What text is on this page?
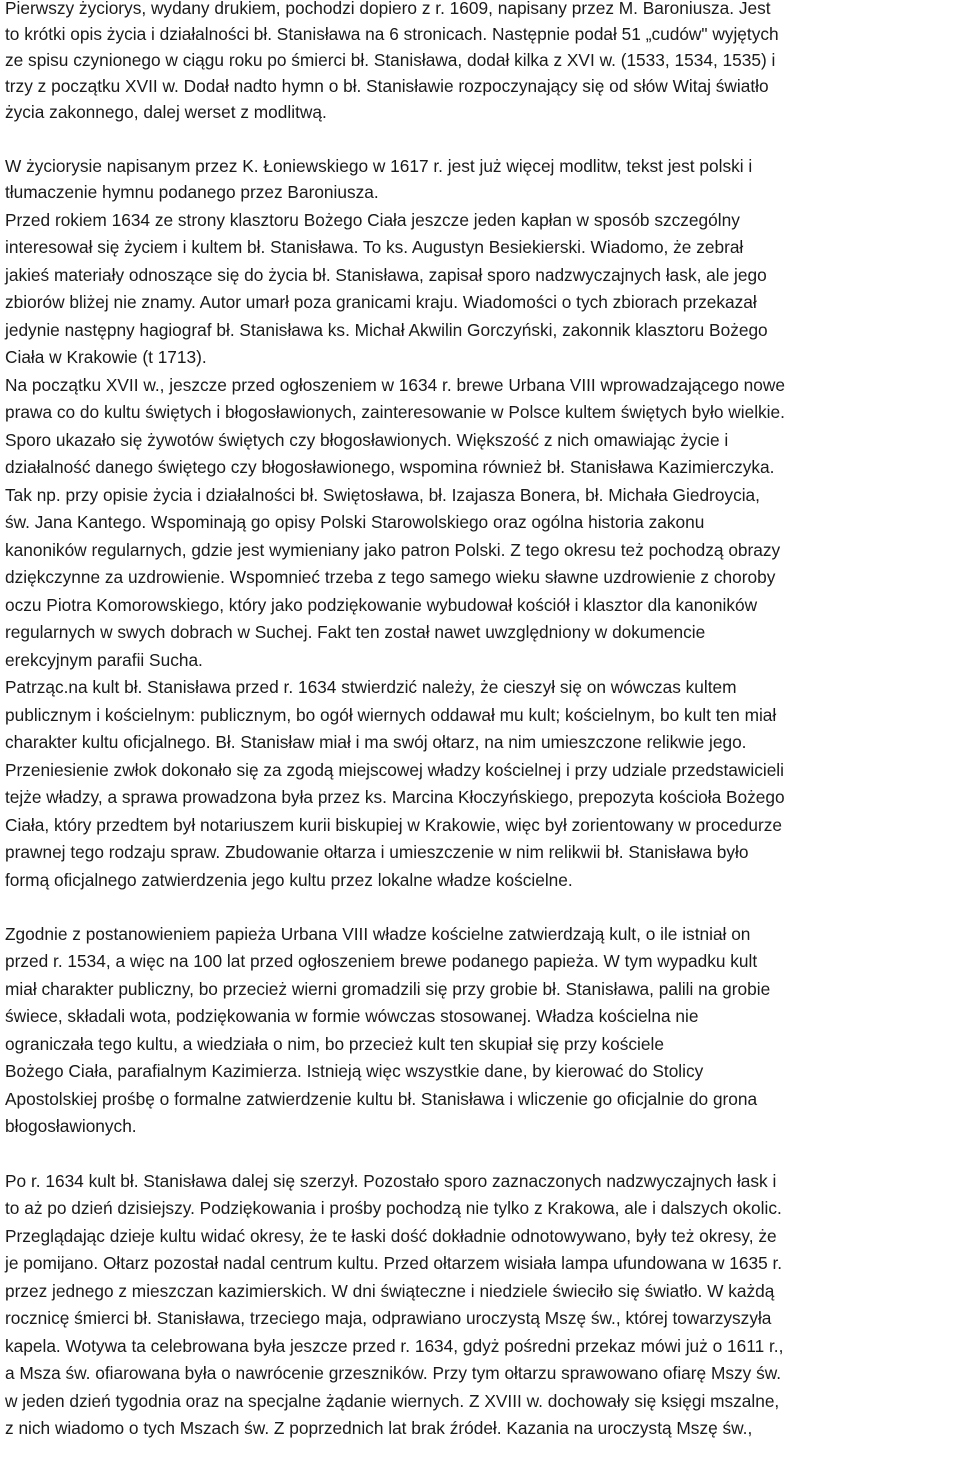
Pierwszy życiorys, wydany drukiem, pochodzi dopiero z r. 1609, napisany przez M. Baroniusza. Jest
to krótki opis życia i działalności bł. Stanisława na 6 stronicach. Następnie podał 51 „cudów" wyjętych
ze spisu czynionego w ciągu roku po śmierci bł. Stanisława, dodał kilka z XVI w. (1533, 1534, 1535) i
trzy z początku XVII w. Dodał nadto hymn o bł. Stanisławie rozpoczynający się od słów Witaj światło
życia zakonnego, dalej werset z modlitwą.
W życiorysie napisanym przez K. Łoniewskiego w 1617 r. jest już więcej modlitw, tekst jest polski i
tłumaczenie hymnu podanego przez Baroniusza.
Przed rokiem 1634 ze strony klasztoru Bożego Ciała jeszcze jeden kapłan w sposób szczególny
interesował się życiem i kultem bł. Stanisława. To ks. Augustyn Besiekierski. Wiadomo, że zebrał
jakieś materiały odnoszące się do życia bł. Stanisława, zapisał sporo nadzwyczajnych łask, ale jego
zbiorów bliżej nie znamy. Autor umarł poza granicami kraju. Wiadomości o tych zbiorach przekazał
jedynie następny hagiograf bł. Stanisława ks. Michał Akwilin Gorczyński, zakonnik klasztoru Bożego
Ciała w Krakowie (t 1713).
Na początku XVII w., jeszcze przed ogłoszeniem w 1634 r. brewe Urbana VIII wprowadzającego nowe
prawa co do kultu świętych i błogosławionych, zainteresowanie w Polsce kultem świętych było wielkie.
Sporo ukazało się żywotów świętych czy błogosławionych. Większość z nich omawiając życie i
działalność danego świętego czy błogosławionego, wspomina również bł. Stanisława Kazimierczyka.
Tak np. przy opisie życia i działalności bł. Swiętosława, bł. Izajasza Bonera, bł. Michała Giedroycia,
św. Jana Kantego. Wspominają go opisy Polski Starowolskiego oraz ogólna historia zakonu
kanoników regularnych, gdzie jest wymieniany jako patron Polski. Z tego okresu też pochodzą obrazy
dziękczynne za uzdrowienie. Wspomnieć trzeba z tego samego wieku sławne uzdrowienie z choroby
oczu Piotra Komorowskiego, który jako podziękowanie wybudował kościół i klasztor dla kanoników
regularnych w swych dobrach w Suchej. Fakt ten został nawet uwzględniony w dokumencie
erekcyjnym parafii Sucha.
Patrząc.na kult bł. Stanisława przed r. 1634 stwierdzić należy, że cieszył się on wówczas kultem
publicznym i kościelnym: publicznym, bo ogół wiernych oddawał mu kult; kościelnym, bo kult ten miał
charakter kultu oficjalnego. Bł. Stanisław miał i ma swój ołtarz, na nim umieszczone relikwie jego.
Przeniesienie zwłok dokonało się za zgodą miejscowej władzy kościelnej i przy udziale przedstawicieli
tejże władzy, a sprawa prowadzona była przez ks. Marcina Kłoczyńskiego, prepozyta kościoła Bożego
Ciała, który przedtem był notariuszem kurii biskupiej w Krakowie, więc był zorientowany w procedurze
prawnej tego rodzaju spraw. Zbudowanie ołtarza i umieszczenie w nim relikwii bł. Stanisława było
formą oficjalnego zatwierdzenia jego kultu przez lokalne władze kościelne.
Zgodnie z postanowieniem papieża Urbana VIII władze kościelne zatwierdzają kult, o ile istniał on
przed r. 1534, a więc na 100 lat przed ogłoszeniem brewe podanego papieża. W tym wypadku kult
miał charakter publiczny, bo przecież wierni gromadzili się przy grobie bł. Stanisława, palili na grobie
świece, składali wota, podziękowania w formie wówczas stosowanej. Władza kościelna nie
ograniczała tego kultu, a wiedziała o nim, bo przecież kult ten skupiał się przy kościele
Bożego Ciała, parafialnym Kazimierza. Istnieją więc wszystkie dane, by kierować do Stolicy
Apostolskiej prośbę o formalne zatwierdzenie kultu bł. Stanisława i wliczenie go oficjalnie do grona
błogosławionych.
Po r. 1634 kult bł. Stanisława dalej się szerzył. Pozostało sporo zaznaczonych nadzwyczajnych łask i
to aż po dzień dzisiejszy. Podziękowania i prośby pochodzą nie tylko z Krakowa, ale i dalszych okolic.
Przeglądając dzieje kultu widać okresy, że te łaski dość dokładnie odnotowywano, były też okresy, że
je pomijano. Ołtarz pozostał nadal centrum kultu. Przed ołtarzem wisiała lampa ufundowana w 1635 r.
przez jednego z mieszczan kazimierskich. W dni świąteczne i niedziele świeciło się światło. W każdą
rocznicę śmierci bł. Stanisława, trzeciego maja, odprawiano uroczystą Mszę św., której towarzyszyła
kapela. Wotywa ta celebrowana była jeszcze przed r. 1634, gdyż pośredni przekaz mówi już o 1611 r.,
a Msza św. ofiarowana była o nawrócenie grzeszników. Przy tym ołtarzu sprawowano ofiarę Mszy św.
w jeden dzień tygodnia oraz na specjalne żądanie wiernych. Z XVIII w. dochowały się księgi mszalne,
z nich wiadomo o tych Mszach św. Z poprzednich lat brak źródeł. Kazania na uroczystą Mszę św.,
